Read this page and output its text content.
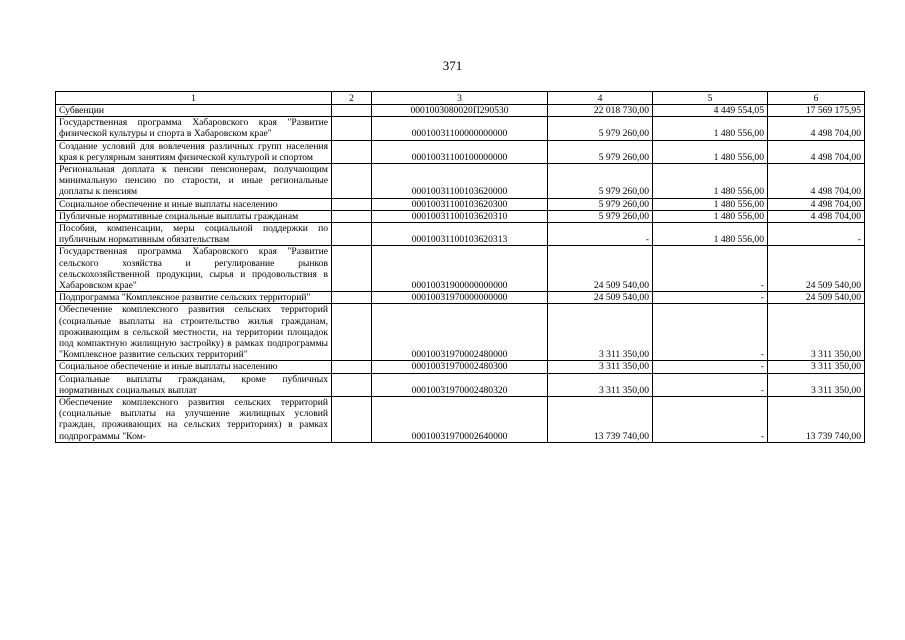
371
1	2	3	4	5	6
Субвенции		0001003080020П290530	22 018 730,00	4 449 554,05	17 569 175,95
Государственная программа Хабаровского края "Развитие физической культуры и спорта в Хабаровском крае"		00010031100000000000	5 979 260,00	1 480 556,00	4 498 704,00
Создание условий для вовлечения различных групп населения края к регулярным занятиям физической культурой и спортом		00010031100100000000	5 979 260,00	1 480 556,00	4 498 704,00
Региональная доплата к пенсии пенсионерам, получающим минимальную пенсию по старости, и иные региональные доплаты к пенсиям		00010031100103620000	5 979 260,00	1 480 556,00	4 498 704,00
Социальное обеспечение и иные выплаты населению		00010031100103620300	5 979 260,00	1 480 556,00	4 498 704,00
Публичные нормативные социальные выплаты гражданам		00010031100103620310	5 979 260,00	1 480 556,00	4 498 704,00
Пособия, компенсации, меры социальной поддержки по публичным нормативным обязательствам		00010031100103620313	-	1 480 556,00	-
Государственная программа Хабаровского края "Развитие сельского хозяйства и регулирование рынков сельскохозяйственной продукции, сырья и продовольствия в Хабаровском крае"		00010031900000000000	24 509 540,00	-	24 509 540,00
Подпрограмма "Комплексное развитие сельских территорий"		00010031970000000000	24 509 540,00	-	24 509 540,00
Обеспечение комплексного развития сельских территорий (социальные выплаты на строительство жилья гражданам, проживающим в сельской местности, на территории площадок под компактную жилищную застройку) в рамках подпрограммы "Комплексное развитие сельских территорий"		00010031970002480000	3 311 350,00	-	3 311 350,00
Социальное обеспечение и иные выплаты населению		00010031970002480300	3 311 350,00	-	3 311 350,00
Социальные выплаты гражданам, кроме публичных нормативных социальных выплат		00010031970002480320	3 311 350,00	-	3 311 350,00
Обеспечение комплексного развития сельских территорий (социальные выплаты на улучшение жилищных условий граждан, проживающих на сельских территориях) в рамках подпрограммы "Ком-		00010031970002640000	13 739 740,00	-	13 739 740,00
